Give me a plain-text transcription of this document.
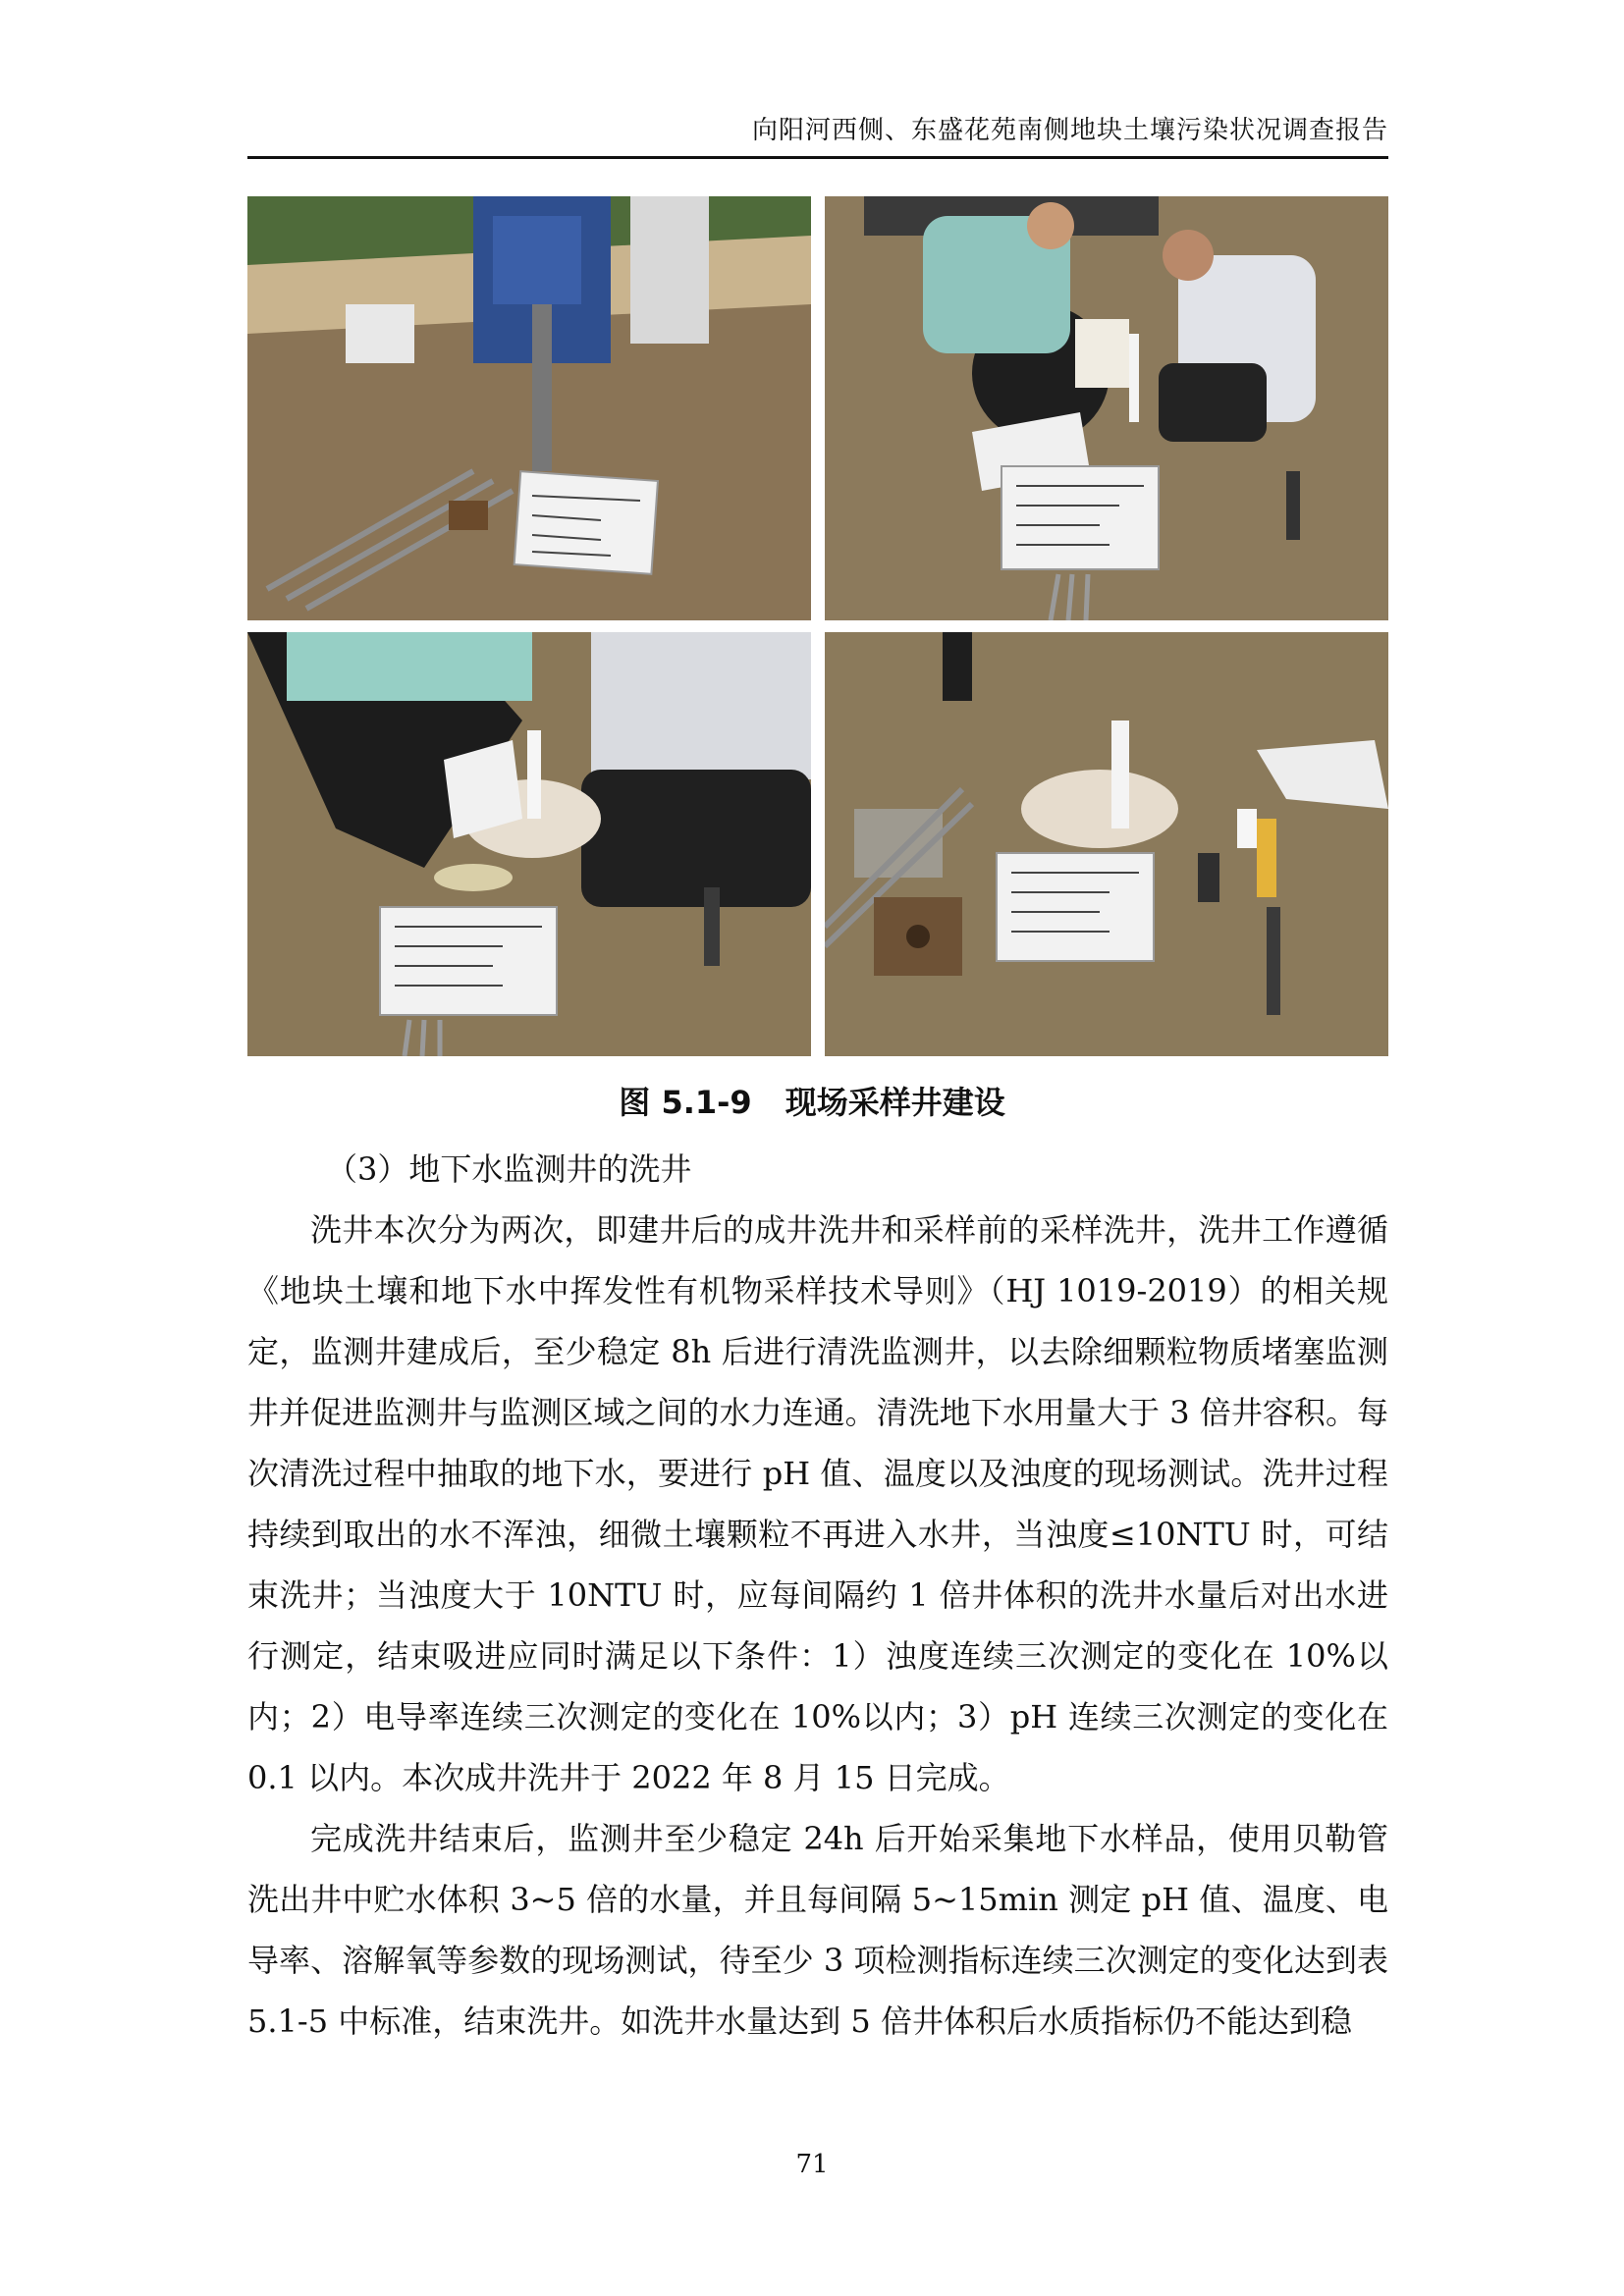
向阳河西侧、东盛花苑南侧地块土壤污染状况调查报告
图 5.1-9 现场采样井建设
（3）地下水监测井的洗井

洗井本次分为两次，即建井后的成井洗井和采样前的采样洗井，洗井工作遵循《地块土壤和地下水中挥发性有机物采样技术导则》（HJ 1019-2019）的相关规定，监测井建成后，至少稳定 8h 后进行清洗监测井，以去除细颗粒物质堵塞监测井并促进监测井与监测区域之间的水力连通。清洗地下水用量大于 3 倍井容积。每次清洗过程中抽取的地下水，要进行 pH 值、温度以及浊度的现场测试。洗井过程持续到取出的水不浑浊，细微土壤颗粒不再进入水井，当浊度≤10NTU 时，可结束洗井；当浊度大于 10NTU 时，应每间隔约 1 倍井体积的洗井水量后对出水进行测定，结束吸进应同时满足以下条件：1）浊度连续三次测定的变化在 10%以内；2）电导率连续三次测定的变化在 10%以内；3）pH 连续三次测定的变化在 0.1 以内。本次成井洗井于 2022 年 8 月 15 日完成。

完成洗井结束后，监测井至少稳定 24h 后开始采集地下水样品，使用贝勒管洗出井中贮水体积 3~5 倍的水量，并且每间隔 5~15min 测定 pH 值、温度、电导率、溶解氧等参数的现场测试，待至少 3 项检测指标连续三次测定的变化达到表 5.1-5 中标准，结束洗井。如洗井水量达到 5 倍井体积后水质指标仍不能达到稳

71
